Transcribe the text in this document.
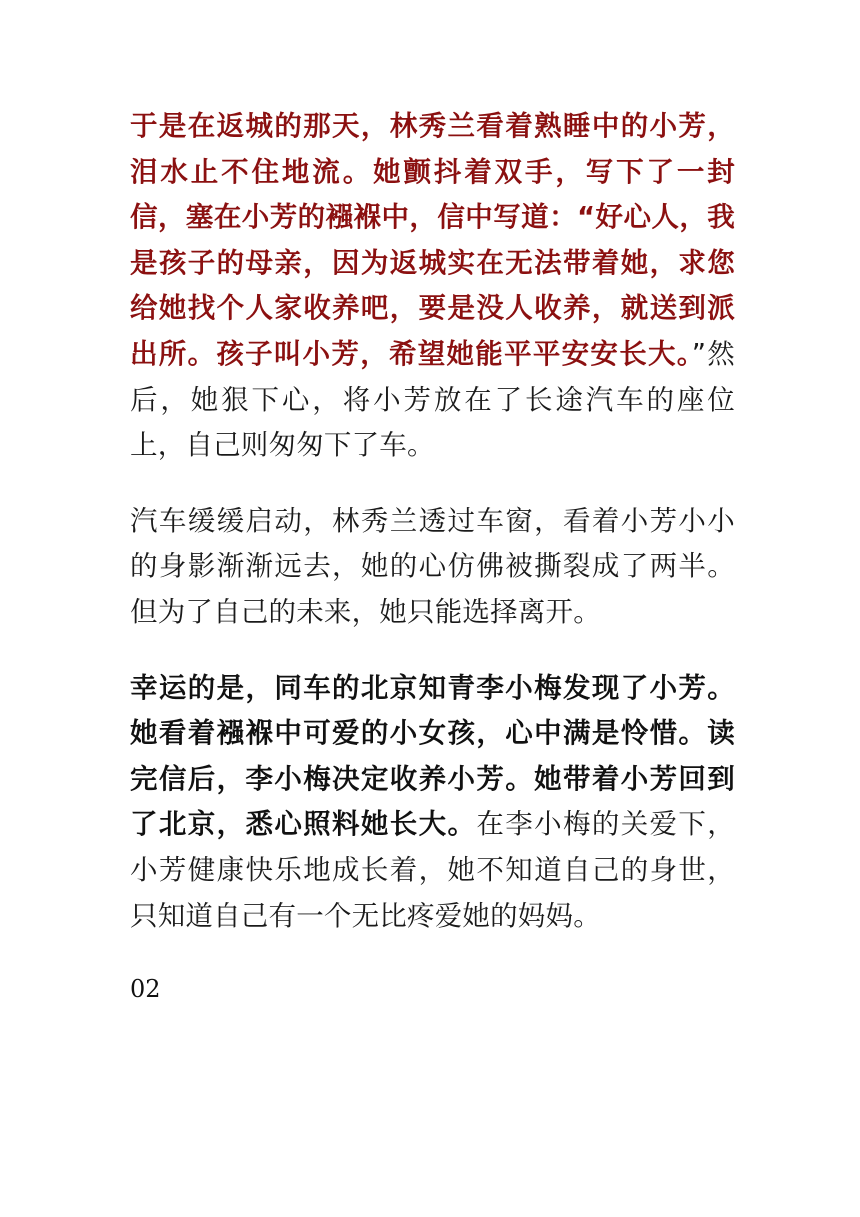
于是在返城的那天，林秀兰看着熟睡中的小芳，泪水止不住地流。她颤抖着双手，写下了一封信，塞在小芳的襁褓中，信中写道：“好心人，我是孩子的母亲，因为返城实在无法带着她，求您给她找个人家收养吧，要是没人收养，就送到派出所。孩子叫小芳，希望她能平平安安长大。”然后，她狠下心，将小芳放在了长途汽车的座位上，自己则匆匆下了车。

汽车缓缓启动，林秀兰透过车窗，看着小芳小小的身影渐渐远去，她的心仿佛被撕裂成了两半。但为了自己的未来，她只能选择离开。

幸运的是，同车的北京知青李小梅发现了小芳。她看着襁褓中可爱的小女孩，心中满是怜惜。读完信后，李小梅决定收养小芳。她带着小芳回到了北京，悉心照料她长大。在李小梅的关爱下，小芳健康快乐地成长着，她不知道自己的身世，只知道自己有一个无比疼爱她的妈妈。

02
